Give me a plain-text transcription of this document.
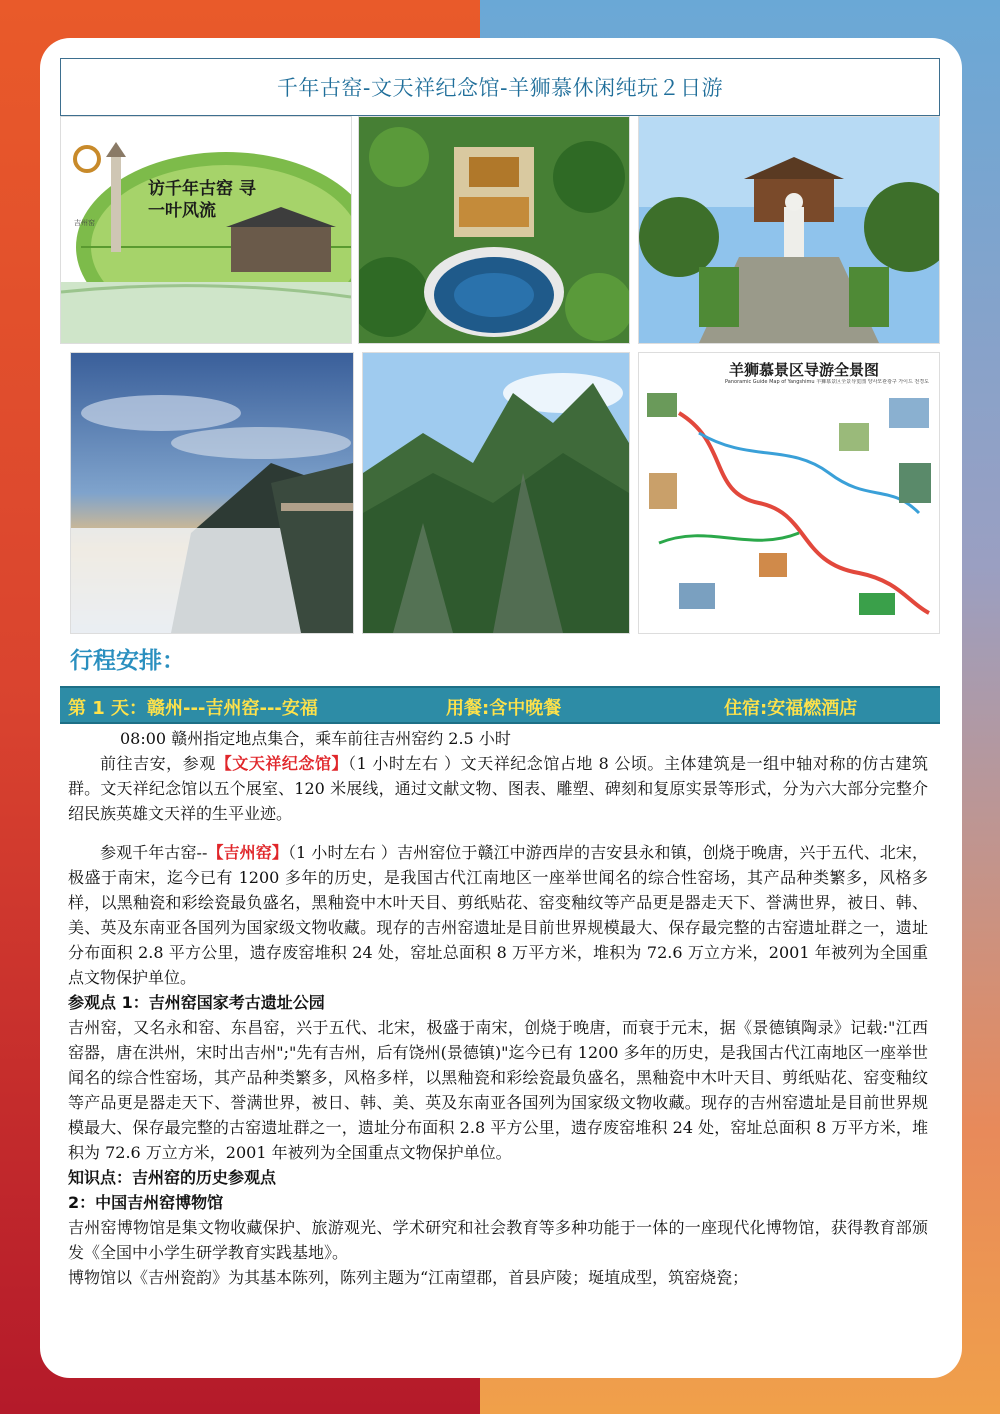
千年古窑-文天祥纪念馆-羊狮慕休闲纯玩２日游
羊狮慕景区导游全景图
Panoramic Guide Map of Yangshimu 羊狮慕景区全景导览图 양사모관광구 가이드 전경도
访千年古窑 寻一叶风流
吉州窑
行程安排：
第 1 天：赣州---吉州窑---安福	用餐:含中晚餐	住宿:安福燃酒店

08:00 赣州指定地点集合，乘车前往吉州窑约 2.5 小时

前往吉安，参观【文天祥纪念馆】（1 小时左右 ）文天祥纪念馆占地 8 公顷。主体建筑是一组中轴对称的仿古建筑群。文天祥纪念馆以五个展室、120 米展线，通过文献文物、图表、雕塑、碑刻和复原实景等形式，分为六大部分完整介绍民族英雄文天祥的生平业迹。

参观千年古窑--【吉州窑】（1 小时左右 ）吉州窑位于赣江中游西岸的吉安县永和镇，创烧于晚唐，兴于五代、北宋，极盛于南宋，迄今已有 1200 多年的历史，是我国古代江南地区一座举世闻名的综合性窑场，其产品种类繁多，风格多样，以黑釉瓷和彩绘瓷最负盛名，黑釉瓷中木叶天目、剪纸贴花、窑变釉纹等产品更是器走天下、誉满世界，被日、韩、美、英及东南亚各国列为国家级文物收藏。现存的吉州窑遗址是目前世界规模最大、保存最完整的古窑遗址群之一，遗址分布面积 2.8 平方公里，遗存废窑堆积 24 处，窑址总面积 8 万平方米，堆积为 72.6 万立方米，2001 年被列为全国重点文物保护单位。

参观点 1：吉州窑国家考古遗址公园

吉州窑，又名永和窑、东昌窑，兴于五代、北宋，极盛于南宋，创烧于晚唐，而衰于元末，据《景德镇陶录》记载:"江西窑器，唐在洪州，宋时出吉州";"先有吉州，后有饶州(景德镇)"迄今已有 1200 多年的历史，是我国古代江南地区一座举世闻名的综合性窑场，其产品种类繁多，风格多样，以黑釉瓷和彩绘瓷最负盛名，黑釉瓷中木叶天目、剪纸贴花、窑变釉纹等产品更是器走天下、誉满世界，被日、韩、美、英及东南亚各国列为国家级文物收藏。现存的吉州窑遗址是目前世界规模最大、保存最完整的古窑遗址群之一，遗址分布面积 2.8 平方公里，遗存废窑堆积 24 处，窑址总面积 8 万平方米，堆积为 72.6 万立方米，2001 年被列为全国重点文物保护单位。

知识点：吉州窑的历史参观点

2：中国吉州窑博物馆

吉州窑博物馆是集文物收藏保护、旅游观光、学术研究和社会教育等多种功能于一体的一座现代化博物馆，获得教育部颁发《全国中小学生研学教育实践基地》。

博物馆以《吉州瓷韵》为其基本陈列，陈列主题为“江南望郡，首县庐陵；埏埴成型，筑窑烧瓷；
